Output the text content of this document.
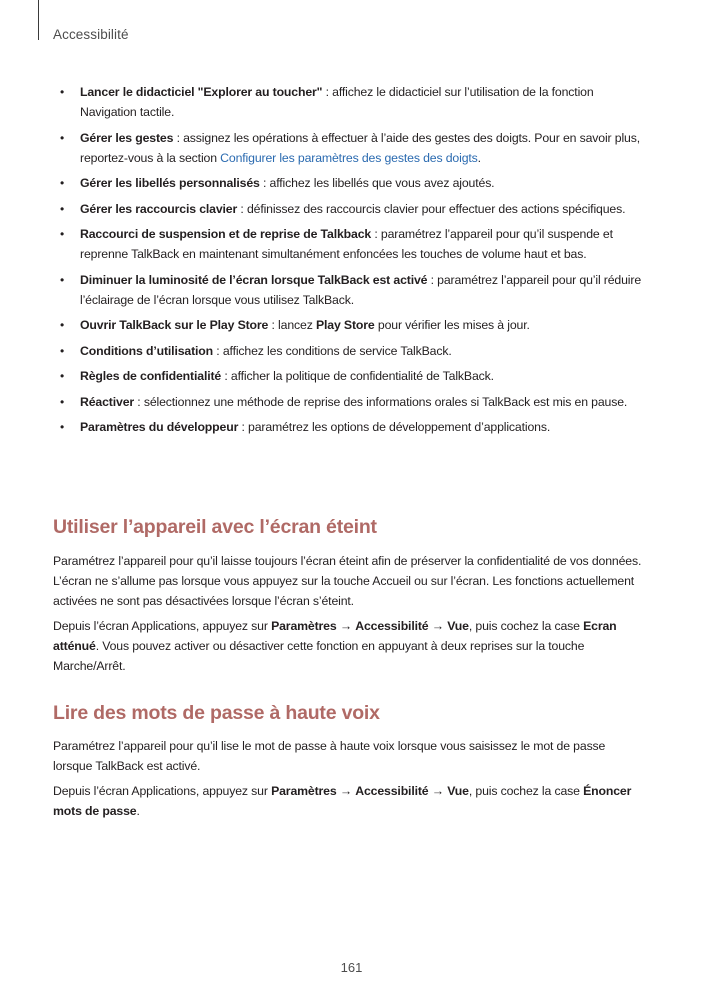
Accessibilité
• Lancer le didacticiel "Explorer au toucher" : affichez le didacticiel sur l’utilisation de la fonction Navigation tactile.
• Gérer les gestes : assignez les opérations à effectuer à l’aide des gestes des doigts. Pour en savoir plus, reportez-vous à la section Configurer les paramètres des gestes des doigts.
• Gérer les libellés personnalisés : affichez les libellés que vous avez ajoutés.
• Gérer les raccourcis clavier : définissez des raccourcis clavier pour effectuer des actions spécifiques.
• Raccourci de suspension et de reprise de Talkback : paramétrez l’appareil pour qu’il suspende et reprenne TalkBack en maintenant simultanément enfoncées les touches de volume haut et bas.
• Diminuer la luminosité de l’écran lorsque TalkBack est activé : paramétrez l’appareil pour qu’il réduire l’éclairage de l’écran lorsque vous utilisez TalkBack.
• Ouvrir TalkBack sur le Play Store : lancez Play Store pour vérifier les mises à jour.
• Conditions d’utilisation : affichez les conditions de service TalkBack.
• Règles de confidentialité : afficher la politique de confidentialité de TalkBack.
• Réactiver : sélectionnez une méthode de reprise des informations orales si TalkBack est mis en pause.
• Paramètres du développeur : paramétrez les options de développement d’applications.
Utiliser l’appareil avec l’écran éteint

Paramétrez l’appareil pour qu’il laisse toujours l’écran éteint afin de préserver la confidentialité de vos données. L’écran ne s’allume pas lorsque vous appuyez sur la touche Accueil ou sur l’écran. Les fonctions actuellement activées ne sont pas désactivées lorsque l’écran s’éteint.

Depuis l’écran Applications, appuyez sur Paramètres → Accessibilité → Vue, puis cochez la case Ecran atténué. Vous pouvez activer ou désactiver cette fonction en appuyant à deux reprises sur la touche Marche/Arrêt.

Lire des mots de passe à haute voix

Paramétrez l’appareil pour qu’il lise le mot de passe à haute voix lorsque vous saisissez le mot de passe lorsque TalkBack est activé.

Depuis l’écran Applications, appuyez sur Paramètres → Accessibilité → Vue, puis cochez la case Énoncer mots de passe.

161
